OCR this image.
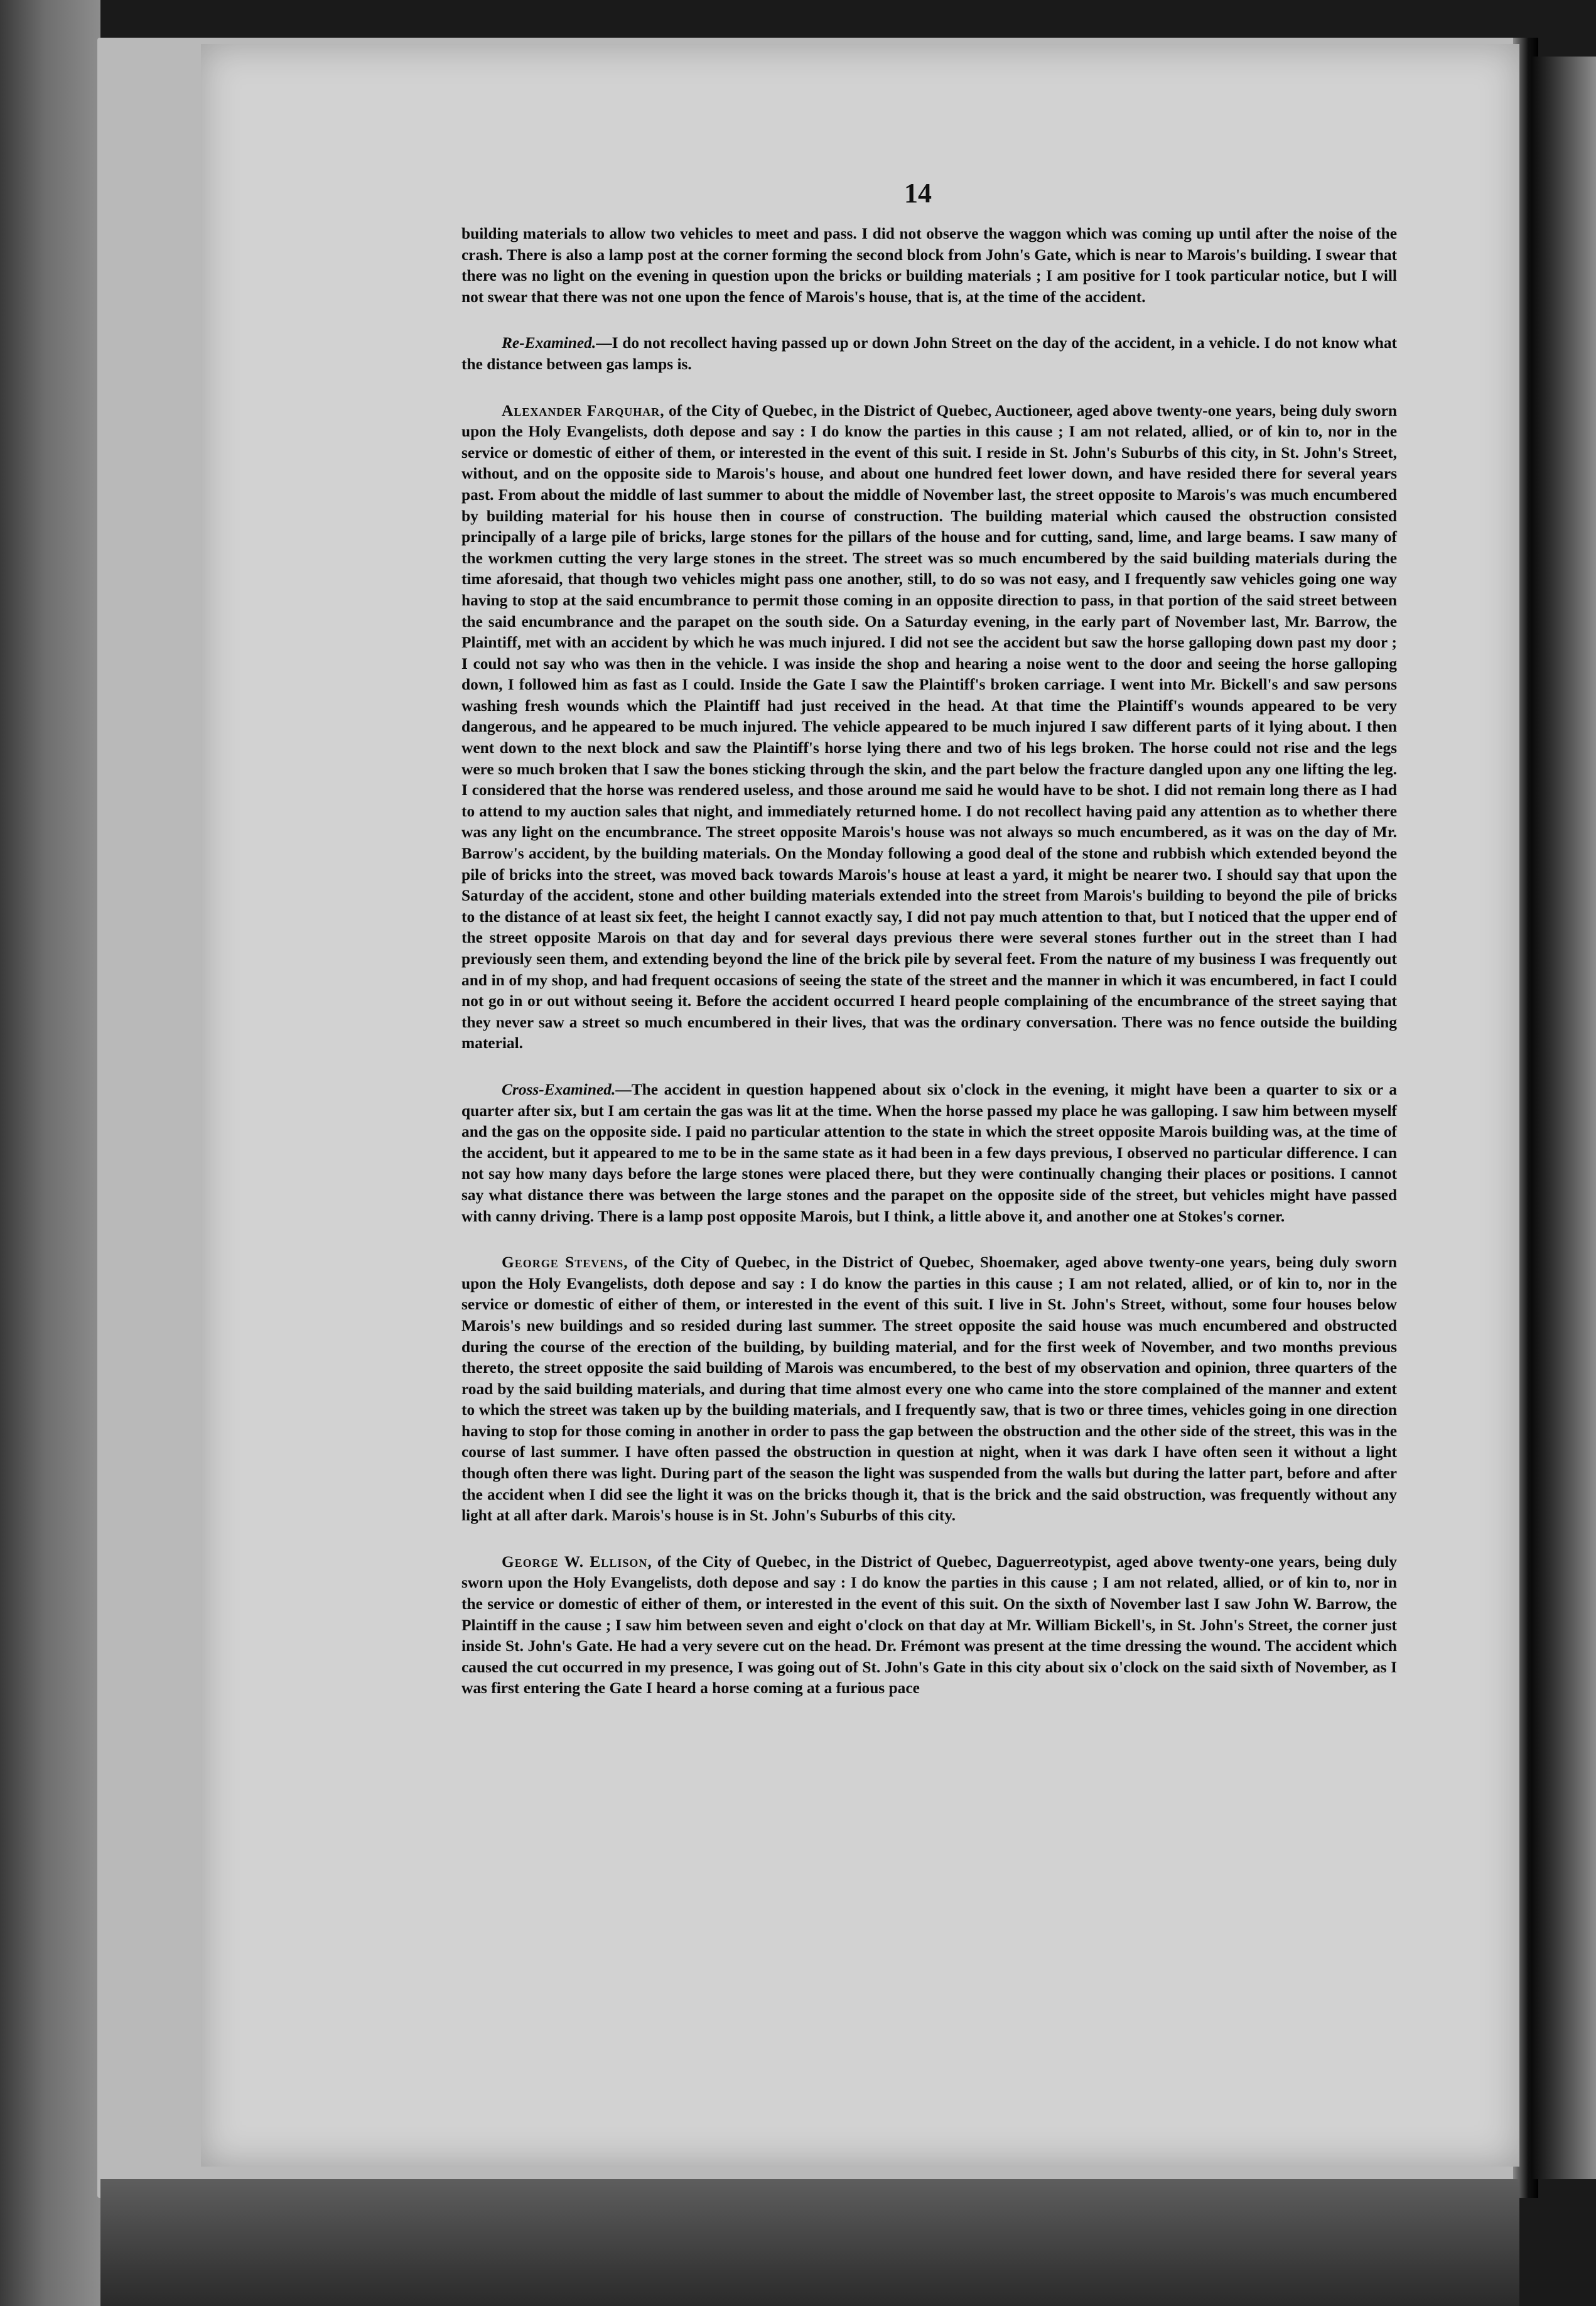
14

building materials to allow two vehicles to meet and pass. I did not observe the waggon which was coming up until after the noise of the crash. There is also a lamp post at the corner forming the second block from John's Gate, which is near to Marois's building. I swear that there was no light on the evening in question upon the bricks or building materials ; I am positive for I took particular notice, but I will not swear that there was not one upon the fence of Marois's house, that is, at the time of the accident.

Re-Examined.—I do not recollect having passed up or down John Street on the day of the accident, in a vehicle. I do not know what the distance between gas lamps is.

Alexander Farquhar, of the City of Quebec, in the District of Quebec, Auctioneer, aged above twenty-one years, being duly sworn upon the Holy Evangelists, doth depose and say : I do know the parties in this cause ; I am not related, allied, or of kin to, nor in the service or domestic of either of them, or interested in the event of this suit. I reside in St. John's Suburbs of this city, in St. John's Street, without, and on the opposite side to Marois's house, and about one hundred feet lower down, and have resided there for several years past. From about the middle of last summer to about the middle of November last, the street opposite to Marois's was much encumbered by building material for his house then in course of construction. The building material which caused the obstruction consisted principally of a large pile of bricks, large stones for the pillars of the house and for cutting, sand, lime, and large beams. I saw many of the workmen cutting the very large stones in the street. The street was so much encumbered by the said building materials during the time aforesaid, that though two vehicles might pass one another, still, to do so was not easy, and I frequently saw vehicles going one way having to stop at the said encumbrance to permit those coming in an opposite direction to pass, in that portion of the said street between the said encumbrance and the parapet on the south side. On a Saturday evening, in the early part of November last, Mr. Barrow, the Plaintiff, met with an accident by which he was much injured. I did not see the accident but saw the horse galloping down past my door ; I could not say who was then in the vehicle. I was inside the shop and hearing a noise went to the door and seeing the horse galloping down, I followed him as fast as I could. Inside the Gate I saw the Plaintiff's broken carriage. I went into Mr. Bickell's and saw persons washing fresh wounds which the Plaintiff had just received in the head. At that time the Plaintiff's wounds appeared to be very dangerous, and he appeared to be much injured. The vehicle appeared to be much injured I saw different parts of it lying about. I then went down to the next block and saw the Plaintiff's horse lying there and two of his legs broken. The horse could not rise and the legs were so much broken that I saw the bones sticking through the skin, and the part below the fracture dangled upon any one lifting the leg. I considered that the horse was rendered useless, and those around me said he would have to be shot. I did not remain long there as I had to attend to my auction sales that night, and immediately returned home. I do not recollect having paid any attention as to whether there was any light on the encumbrance. The street opposite Marois's house was not always so much encumbered, as it was on the day of Mr. Barrow's accident, by the building materials. On the Monday following a good deal of the stone and rubbish which extended beyond the pile of bricks into the street, was moved back towards Marois's house at least a yard, it might be nearer two. I should say that upon the Saturday of the accident, stone and other building materials extended into the street from Marois's building to beyond the pile of bricks to the distance of at least six feet, the height I cannot exactly say, I did not pay much attention to that, but I noticed that the upper end of the street opposite Marois on that day and for several days previous there were several stones further out in the street than I had previously seen them, and extending beyond the line of the brick pile by several feet. From the nature of my business I was frequently out and in of my shop, and had frequent occasions of seeing the state of the street and the manner in which it was encumbered, in fact I could not go in or out without seeing it. Before the accident occurred I heard people complaining of the encumbrance of the street saying that they never saw a street so much encumbered in their lives, that was the ordinary conversation. There was no fence outside the building material.

Cross-Examined.—The accident in question happened about six o'clock in the evening, it might have been a quarter to six or a quarter after six, but I am certain the gas was lit at the time. When the horse passed my place he was galloping. I saw him between myself and the gas on the opposite side. I paid no particular attention to the state in which the street opposite Marois building was, at the time of the accident, but it appeared to me to be in the same state as it had been in a few days previous, I observed no particular difference. I can not say how many days before the large stones were placed there, but they were continually changing their places or positions. I cannot say what distance there was between the large stones and the parapet on the opposite side of the street, but vehicles might have passed with canny driving. There is a lamp post opposite Marois, but I think, a little above it, and another one at Stokes's corner.

George Stevens, of the City of Quebec, in the District of Quebec, Shoemaker, aged above twenty-one years, being duly sworn upon the Holy Evangelists, doth depose and say : I do know the parties in this cause ; I am not related, allied, or of kin to, nor in the service or domestic of either of them, or interested in the event of this suit. I live in St. John's Street, without, some four houses below Marois's new buildings and so resided during last summer. The street opposite the said house was much encumbered and obstructed during the course of the erection of the building, by building material, and for the first week of November, and two months previous thereto, the street opposite the said building of Marois was encumbered, to the best of my observation and opinion, three quarters of the road by the said building materials, and during that time almost every one who came into the store complained of the manner and extent to which the street was taken up by the building materials, and I frequently saw, that is two or three times, vehicles going in one direction having to stop for those coming in another in order to pass the gap between the obstruction and the other side of the street, this was in the course of last summer. I have often passed the obstruction in question at night, when it was dark I have often seen it without a light though often there was light. During part of the season the light was suspended from the walls but during the latter part, before and after the accident when I did see the light it was on the bricks though it, that is the brick and the said obstruction, was frequently without any light at all after dark. Marois's house is in St. John's Suburbs of this city.

George W. Ellison, of the City of Quebec, in the District of Quebec, Daguerreotypist, aged above twenty-one years, being duly sworn upon the Holy Evangelists, doth depose and say : I do know the parties in this cause ; I am not related, allied, or of kin to, nor in the service or domestic of either of them, or interested in the event of this suit. On the sixth of November last I saw John W. Barrow, the Plaintiff in the cause ; I saw him between seven and eight o'clock on that day at Mr. William Bickell's, in St. John's Street, the corner just inside St. John's Gate. He had a very severe cut on the head. Dr. Frémont was present at the time dressing the wound. The accident which caused the cut occurred in my presence, I was going out of St. John's Gate in this city about six o'clock on the said sixth of November, as I was first entering the Gate I heard a horse coming at a furious pace
